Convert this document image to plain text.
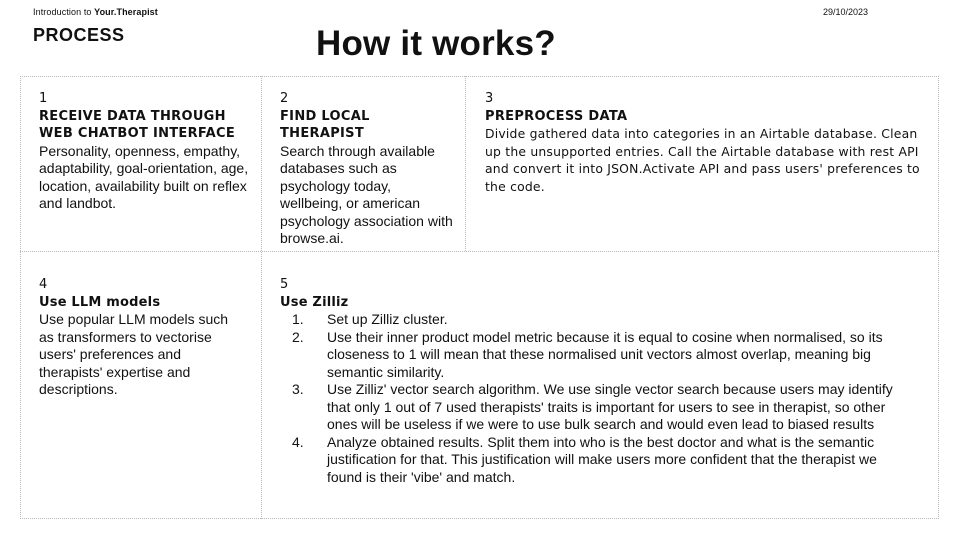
Introduction to Your.Therapist	29/10/2023
PROCESS	How it works?
1
RECEIVE DATA THROUGH
WEB CHATBOT INTERFACE
Personality, openness, empathy, adaptability, goal-orientation, age, location, availability built on reflex and landbot.
2
FIND LOCAL THERAPIST
Search through available databases such as psychology today, wellbeing, or american psychology association with browse.ai.
3
PREPROCESS DATA
Divide gathered data into categories in an Airtable database. Clean up the unsupported entries. Call the Airtable database with rest API and convert it into JSON.Activate API and pass users' preferences to the code.
4
Use LLM models
Use popular LLM models such as transformers to vectorise users' preferences and therapists' expertise and descriptions.
5
Use Zilliz
1. Set up Zilliz cluster.
2. Use their inner product model metric because it is equal to cosine when normalised, so its closeness to 1 will mean that these normalised unit vectors almost overlap, meaning big semantic similarity.
3. Use Zilliz' vector search algorithm. We use single vector search because users may identify that only 1 out of 7 used therapists' traits is important for users to see in therapist, so other ones will be useless if we were to use bulk search and would even lead to biased results
4. Analyze obtained results. Split them into who is the best doctor and what is the semantic justification for that. This justification will make users more confident that the therapist we found is their 'vibe' and match.
